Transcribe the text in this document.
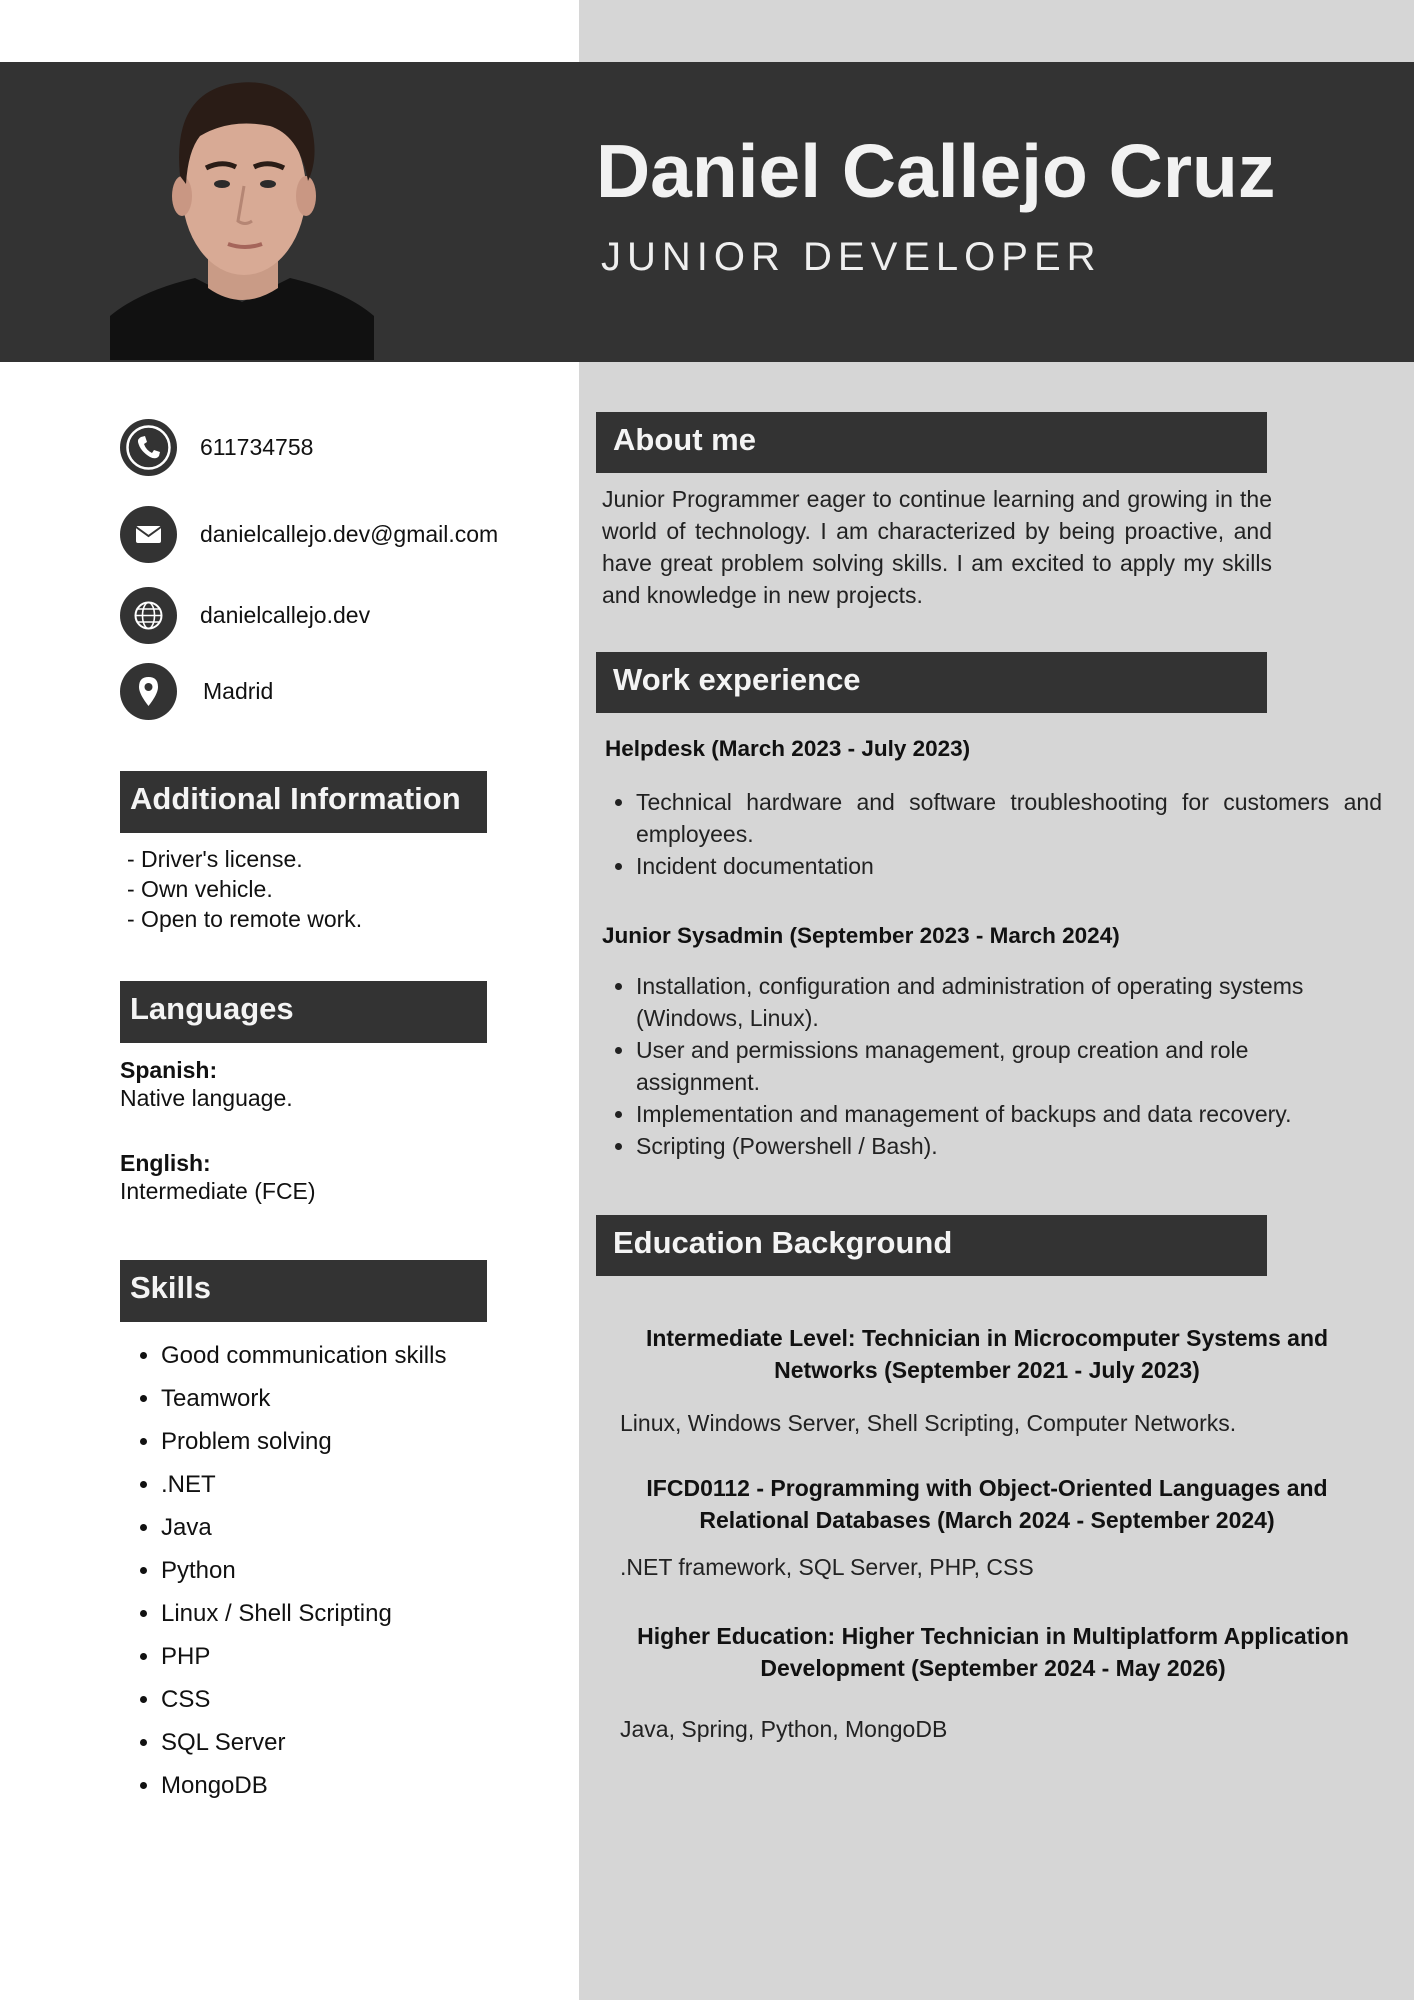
Daniel Callejo Cruz
JUNIOR DEVELOPER
611734758
danielcallejo.dev@gmail.com
danielcallejo.dev
Madrid
Additional Information
- Driver's license.
- Own vehicle.
- Open to remote work.
Languages
Spanish:
Native language.
English:
Intermediate (FCE)
Skills
• Good communication skills
• Teamwork
• Problem solving
• .NET
• Java
• Python
• Linux / Shell Scripting
• PHP
• CSS
• SQL Server
• MongoDB
About me
Junior Programmer eager to continue learning and growing in the world of technology. I am characterized by being proactive, and have great problem solving skills. I am excited to apply my skills and knowledge in new projects.
Work experience
Helpdesk (March 2023 - July 2023)
• Technical hardware and software troubleshooting for customers and employees.
• Incident documentation
Junior Sysadmin (September 2023 - March 2024)
• Installation, configuration and administration of operating systems (Windows, Linux).
• User and permissions management, group creation and role assignment.
• Implementation and management of backups and data recovery.
• Scripting (Powershell / Bash).
Education Background
Intermediate Level: Technician in Microcomputer Systems and Networks (September 2021 - July 2023)
Linux, Windows Server, Shell Scripting, Computer Networks.
IFCD0112 - Programming with Object-Oriented Languages and Relational Databases (March 2024 - September 2024)
.NET framework, SQL Server, PHP, CSS
Higher Education: Higher Technician in Multiplatform Application Development (September 2024 - May 2026)
Java, Spring, Python, MongoDB
